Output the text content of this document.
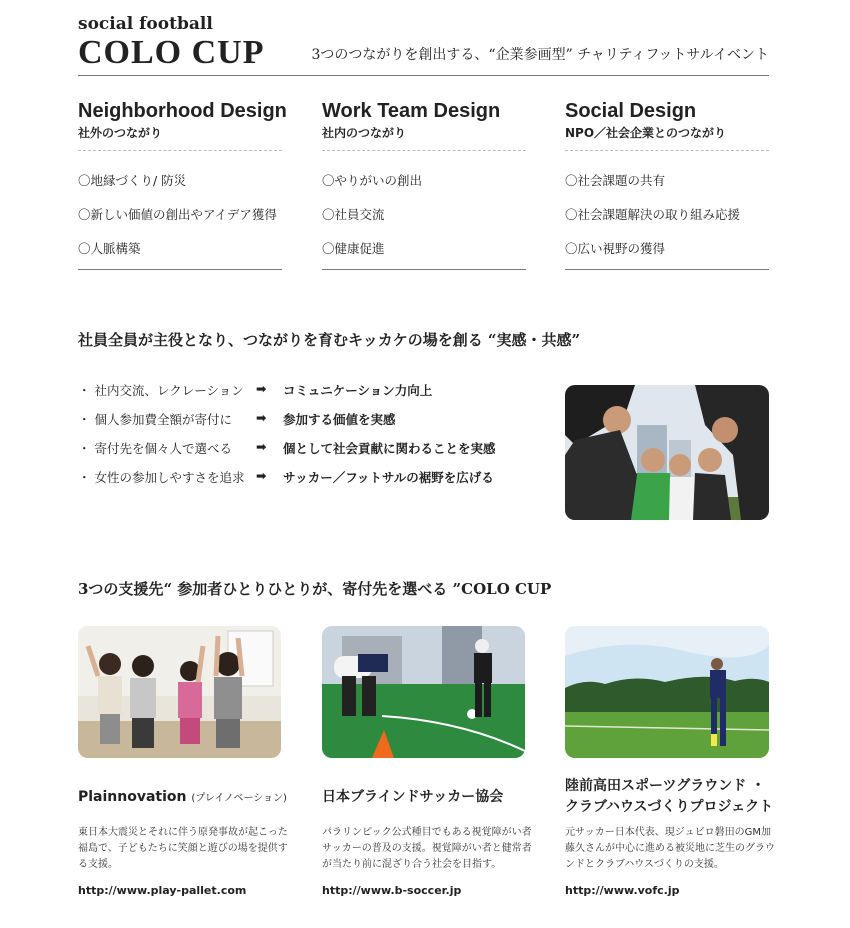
social football
COLO CUP	3つのつながりを創出する、“企業参画型” チャリティフットサルイベント
Neighborhood Design
社外のつながり
〇地縁づくり/ 防災
〇新しい価値の創出やアイデア獲得
〇人脈構築
Work Team Design
社内のつながり
〇やりがいの創出
〇社員交流
〇健康促進
Social Design
NPO／社会企業とのつながり
〇社会課題の共有
〇社会課題解決の取り組み応援
〇広い視野の獲得
社員全員が主役となり、つながりを育むキッカケの場を創る “実感・共感”
・ 社内交流、レクレーション ➡ コミュニケーション力向上
・ 個人参加費全額が寄付に ➡ 参加する価値を実感
・ 寄付先を個々人で選べる ➡ 個として社会貢献に関わることを実感
・ 女性の参加しやすさを追求 ➡ サッカー／フットサルの裾野を広げる
3つの支援先“ 参加者ひとりひとりが、寄付先を選べる ”COLO CUP
Plainnovation (プレイノベーション)
東日本大震災とそれに伴う原発事故が起こった福島で、子どもたちに笑顔と遊びの場を提供する支援。
http://www.play-pallet.com
日本ブラインドサッカー協会
パラリンピック公式種目でもある視覚障がい者サッカーの普及の支援。視覚障がい者と健常者が当たり前に混ざり合う社会を目指す。
http://www.b-soccer.jp
陸前高田スポーツグラウンド ・
クラブハウスづくりプロジェクト
元サッカー日本代表、現ジュビロ磐田のGM加藤久さんが中心に進める被災地に芝生のグラウンドとクラブハウスづくりの支援。
http://www.vofc.jp
